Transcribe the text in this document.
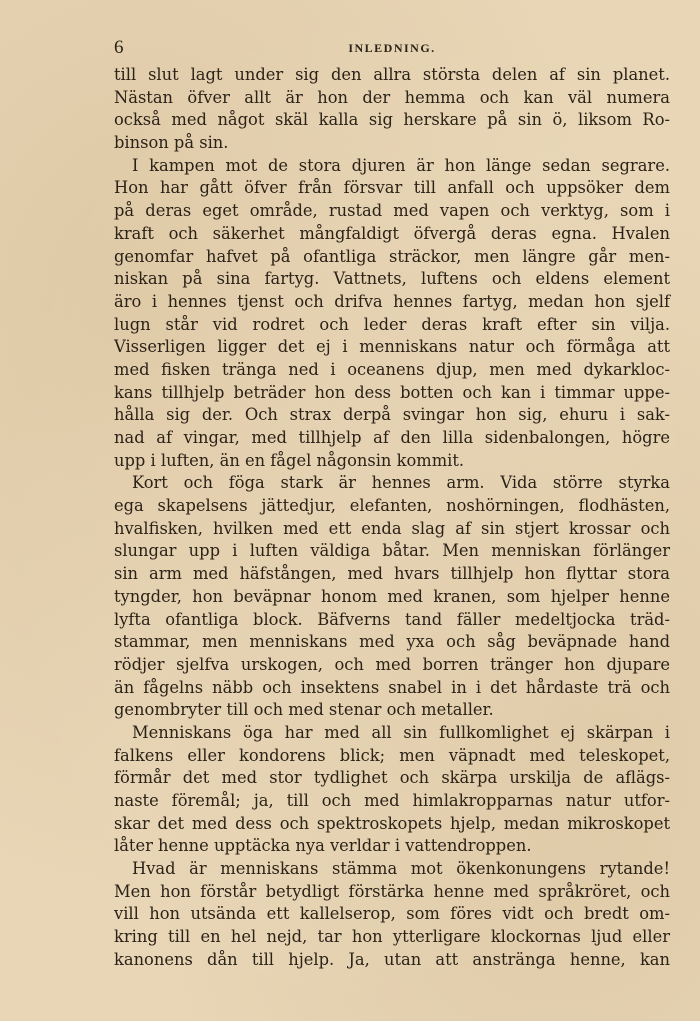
6	INLEDNING.
till slut lagt under sig den allra största delen af sin planet.
Nästan öfver allt är hon der hemma och kan väl numera
också med något skäl kalla sig herskare på sin ö, liksom Ro-
binson på sin.
I kampen mot de stora djuren är hon länge sedan segrare.
Hon har gått öfver från försvar till anfall och uppsöker dem
på deras eget område, rustad med vapen och verktyg, som i
kraft och säkerhet mångfaldigt öfvergå deras egna. Hvalen
genomfar hafvet på ofantliga sträckor, men längre går men-
niskan på sina fartyg. Vattnets, luftens och eldens element
äro i hennes tjenst och drifva hennes fartyg, medan hon sjelf
lugn står vid rodret och leder deras kraft efter sin vilja.
Visserligen ligger det ej i menniskans natur och förmåga att
med fisken tränga ned i oceanens djup, men med dykarkloc-
kans tillhjelp beträder hon dess botten och kan i timmar uppe-
hålla sig der. Och strax derpå svingar hon sig, ehuru i sak-
nad af vingar, med tillhjelp af den lilla sidenbalongen, högre
upp i luften, än en fågel någonsin kommit.
Kort och föga stark är hennes arm. Vida större styrka
ega skapelsens jättedjur, elefanten, noshörningen, flodhästen,
hvalfisken, hvilken med ett enda slag af sin stjert krossar och
slungar upp i luften väldiga båtar. Men menniskan förlänger
sin arm med häfstången, med hvars tillhjelp hon flyttar stora
tyngder, hon beväpnar honom med kranen, som hjelper henne
lyfta ofantliga block. Bäfverns tand fäller medeltjocka träd-
stammar, men menniskans med yxa och såg beväpnade hand
rödjer sjelfva urskogen, och med borren tränger hon djupare
än fågelns näbb och insektens snabel in i det hårdaste trä och
genombryter till och med stenar och metaller.
Menniskans öga har med all sin fullkomlighet ej skärpan i
falkens eller kondorens blick; men väpnadt med teleskopet,
förmår det med stor tydlighet och skärpa urskilja de aflägs-
naste föremål; ja, till och med himlakropparnas natur utfor-
skar det med dess och spektroskopets hjelp, medan mikroskopet
låter henne upptäcka nya verldar i vattendroppen.
Hvad är menniskans stämma mot ökenkonungens rytande!
Men hon förstår betydligt förstärka henne med språkröret, och
vill hon utsända ett kallelserop, som föres vidt och bredt om-
kring till en hel nejd, tar hon ytterligare klockornas ljud eller
kanonens dån till hjelp. Ja, utan att anstränga henne, kan
